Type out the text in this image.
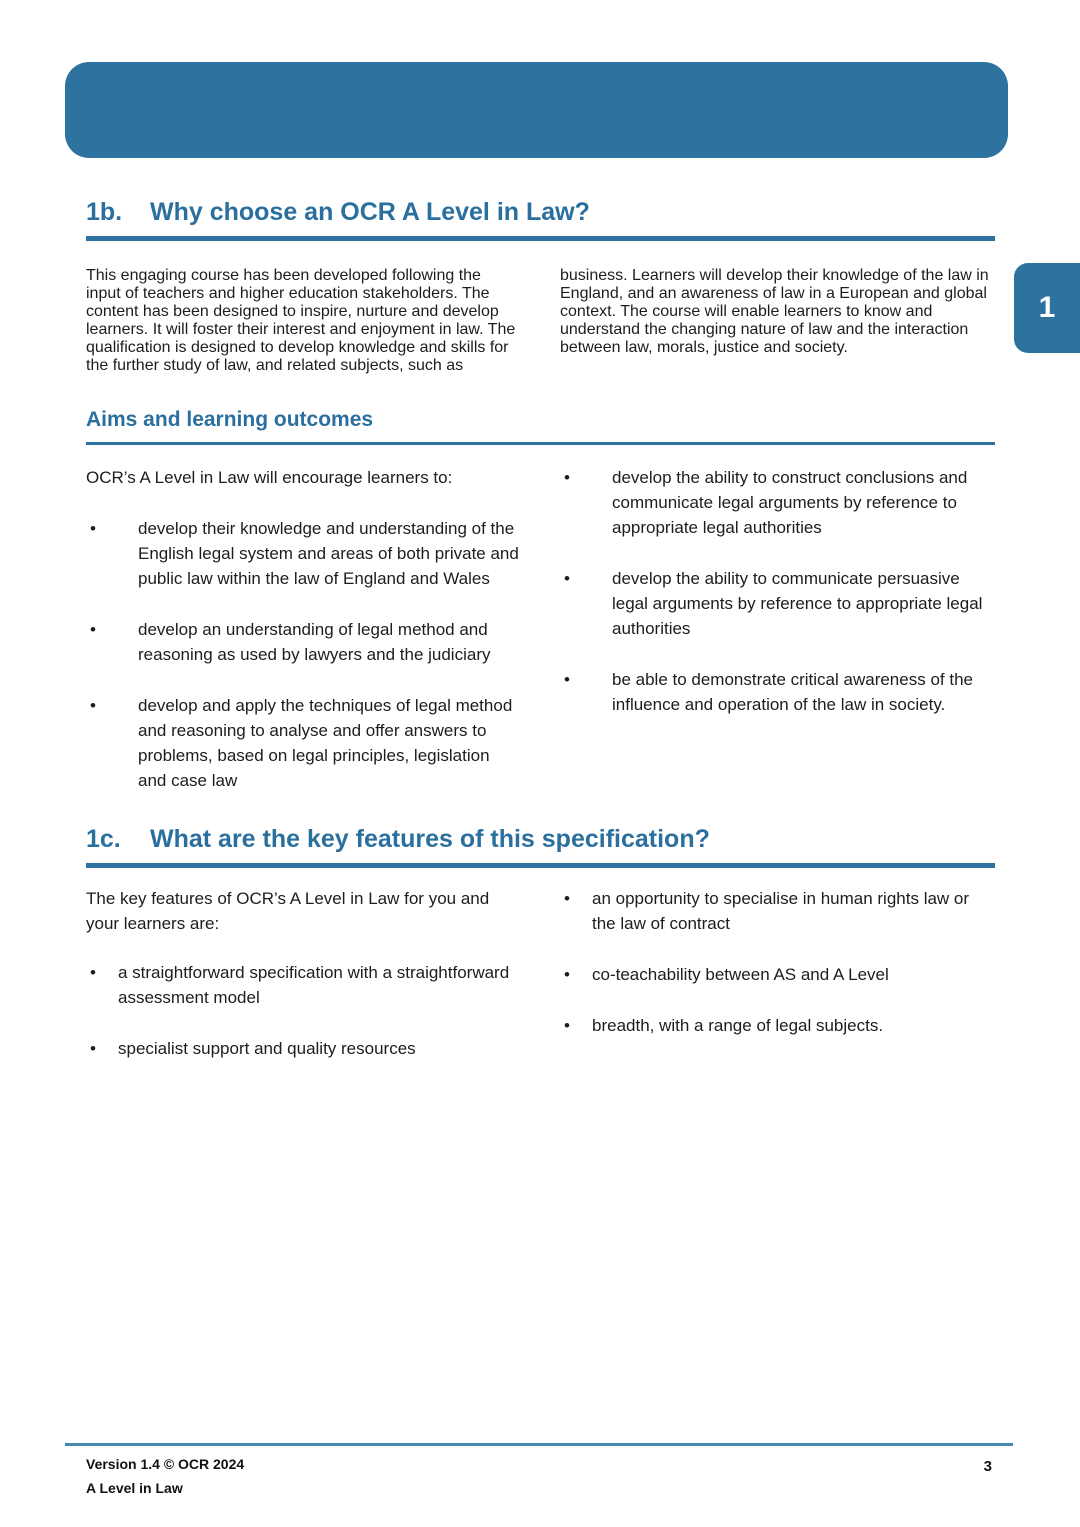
1
1b.	Why choose an OCR A Level in Law?

This engaging course has been developed following the input of teachers and higher education stakeholders. The content has been designed to inspire, nurture and develop learners. It will foster their interest and enjoyment in law. The qualification is designed to develop knowledge and skills for the further study of law, and related subjects, such as

business. Learners will develop their knowledge of the law in England, and an awareness of law in a European and global context. The course will enable learners to know and understand the changing nature of law and the interaction between law, morals, justice and society.

Aims and learning outcomes

OCR’s A Level in Law will encourage learners to:

• develop their knowledge and understanding of the English legal system and areas of both private and public law within the law of England and Wales
• develop an understanding of legal method and reasoning as used by lawyers and the judiciary
• develop and apply the techniques of legal method and reasoning to analyse and offer answers to problems, based on legal principles, legislation and case law
• develop the ability to construct conclusions and communicate legal arguments by reference to appropriate legal authorities
• develop the ability to communicate persuasive legal arguments by reference to appropriate legal authorities
• be able to demonstrate critical awareness of the influence and operation of the law in society.
1c.	What are the key features of this specification?

The key features of OCR’s A Level in Law for you and your learners are:

• a straightforward specification with a straightforward assessment model
• specialist support and quality resources
• an opportunity to specialise in human rights law or the law of contract
• co-teachability between AS and A Level
• breadth, with a range of legal subjects.
Version 1.4 © OCR 2024
A Level in Law
3
